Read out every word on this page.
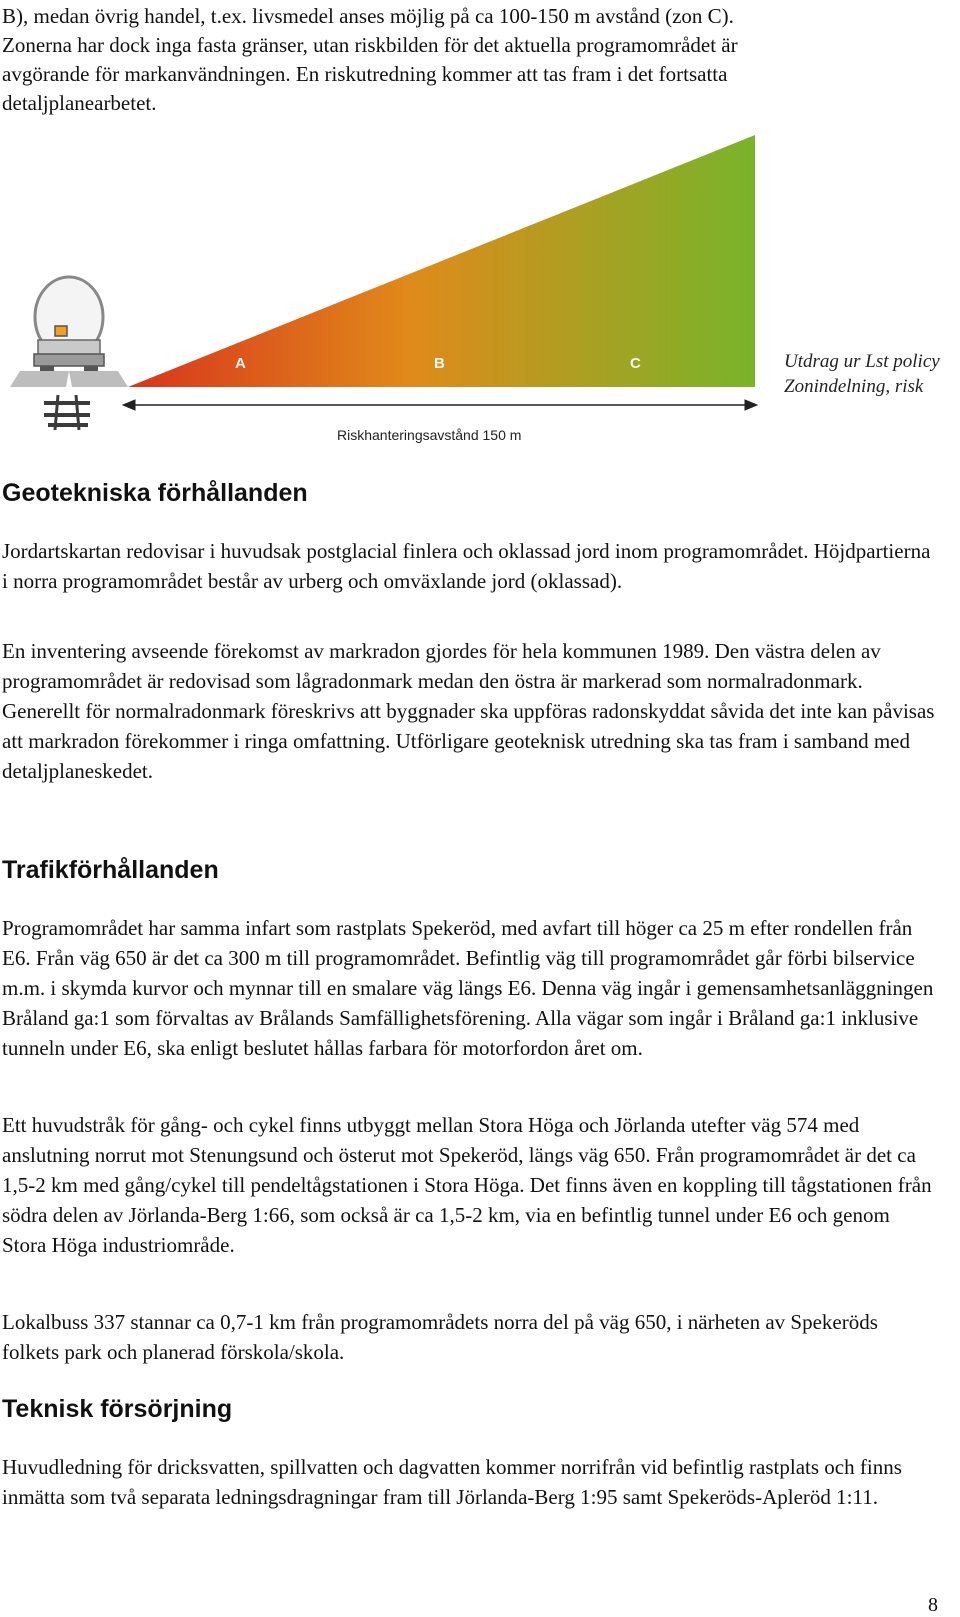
B), medan övrig handel, t.ex. livsmedel anses möjlig på ca 100-150 m avstånd (zon C).

Zonerna har dock inga fasta gränser, utan riskbilden för det aktuella programområdet är

avgörande för markanvändningen. En riskutredning kommer att tas fram i det fortsatta

detaljplanearbetet.

A	B	C
Riskhanteringsavstånd 150 m
Utdrag ur Lst policy
Zonindelning, risk
Geotekniska förhållanden

Jordartskartan redovisar i huvudsak postglacial finlera och oklassad jord inom programområdet. Höjdpartierna i norra programområdet består av urberg och omväxlande jord (oklassad).

En inventering avseende förekomst av markradon gjordes för hela kommunen 1989. Den västra delen av programområdet är redovisad som lågradonmark medan den östra är markerad som normalradonmark. Generellt för normalradonmark föreskrivs att byggnader ska uppföras radonskyddat såvida det inte kan påvisas att markradon förekommer i ringa omfattning. Utförligare geoteknisk utredning ska tas fram i samband med detaljplaneskedet.

Trafikförhållanden

Programområdet har samma infart som rastplats Spekeröd, med avfart till höger ca 25 m efter rondellen från E6. Från väg 650 är det ca 300 m till programområdet. Befintlig väg till programområdet går förbi bilservice m.m. i skymda kurvor och mynnar till en smalare väg längs E6. Denna väg ingår i gemensamhetsanläggningen Bråland ga:1 som förvaltas av Brålands Samfällighetsförening. Alla vägar som ingår i Bråland ga:1 inklusive tunneln under E6, ska enligt beslutet hållas farbara för motorfordon året om.

Ett huvudstråk för gång- och cykel finns utbyggt mellan Stora Höga och Jörlanda utefter väg 574 med anslutning norrut mot Stenungsund och österut mot Spekeröd, längs väg 650. Från programområdet är det ca 1,5-2 km med gång/cykel till pendeltågstationen i Stora Höga. Det finns även en koppling till tågstationen från södra delen av Jörlanda-Berg 1:66, som också är ca 1,5-2 km, via en befintlig tunnel under E6 och genom Stora Höga industriområde.

Lokalbuss 337 stannar ca 0,7-1 km från programområdets norra del på väg 650, i närheten av Spekeröds folkets park och planerad förskola/skola.

Teknisk försörjning

Huvudledning för dricksvatten, spillvatten och dagvatten kommer norrifrån vid befintlig rastplats och finns inmätta som två separata ledningsdragningar fram till Jörlanda-Berg 1:95 samt Spekeröds-Apleröd 1:11.

8
